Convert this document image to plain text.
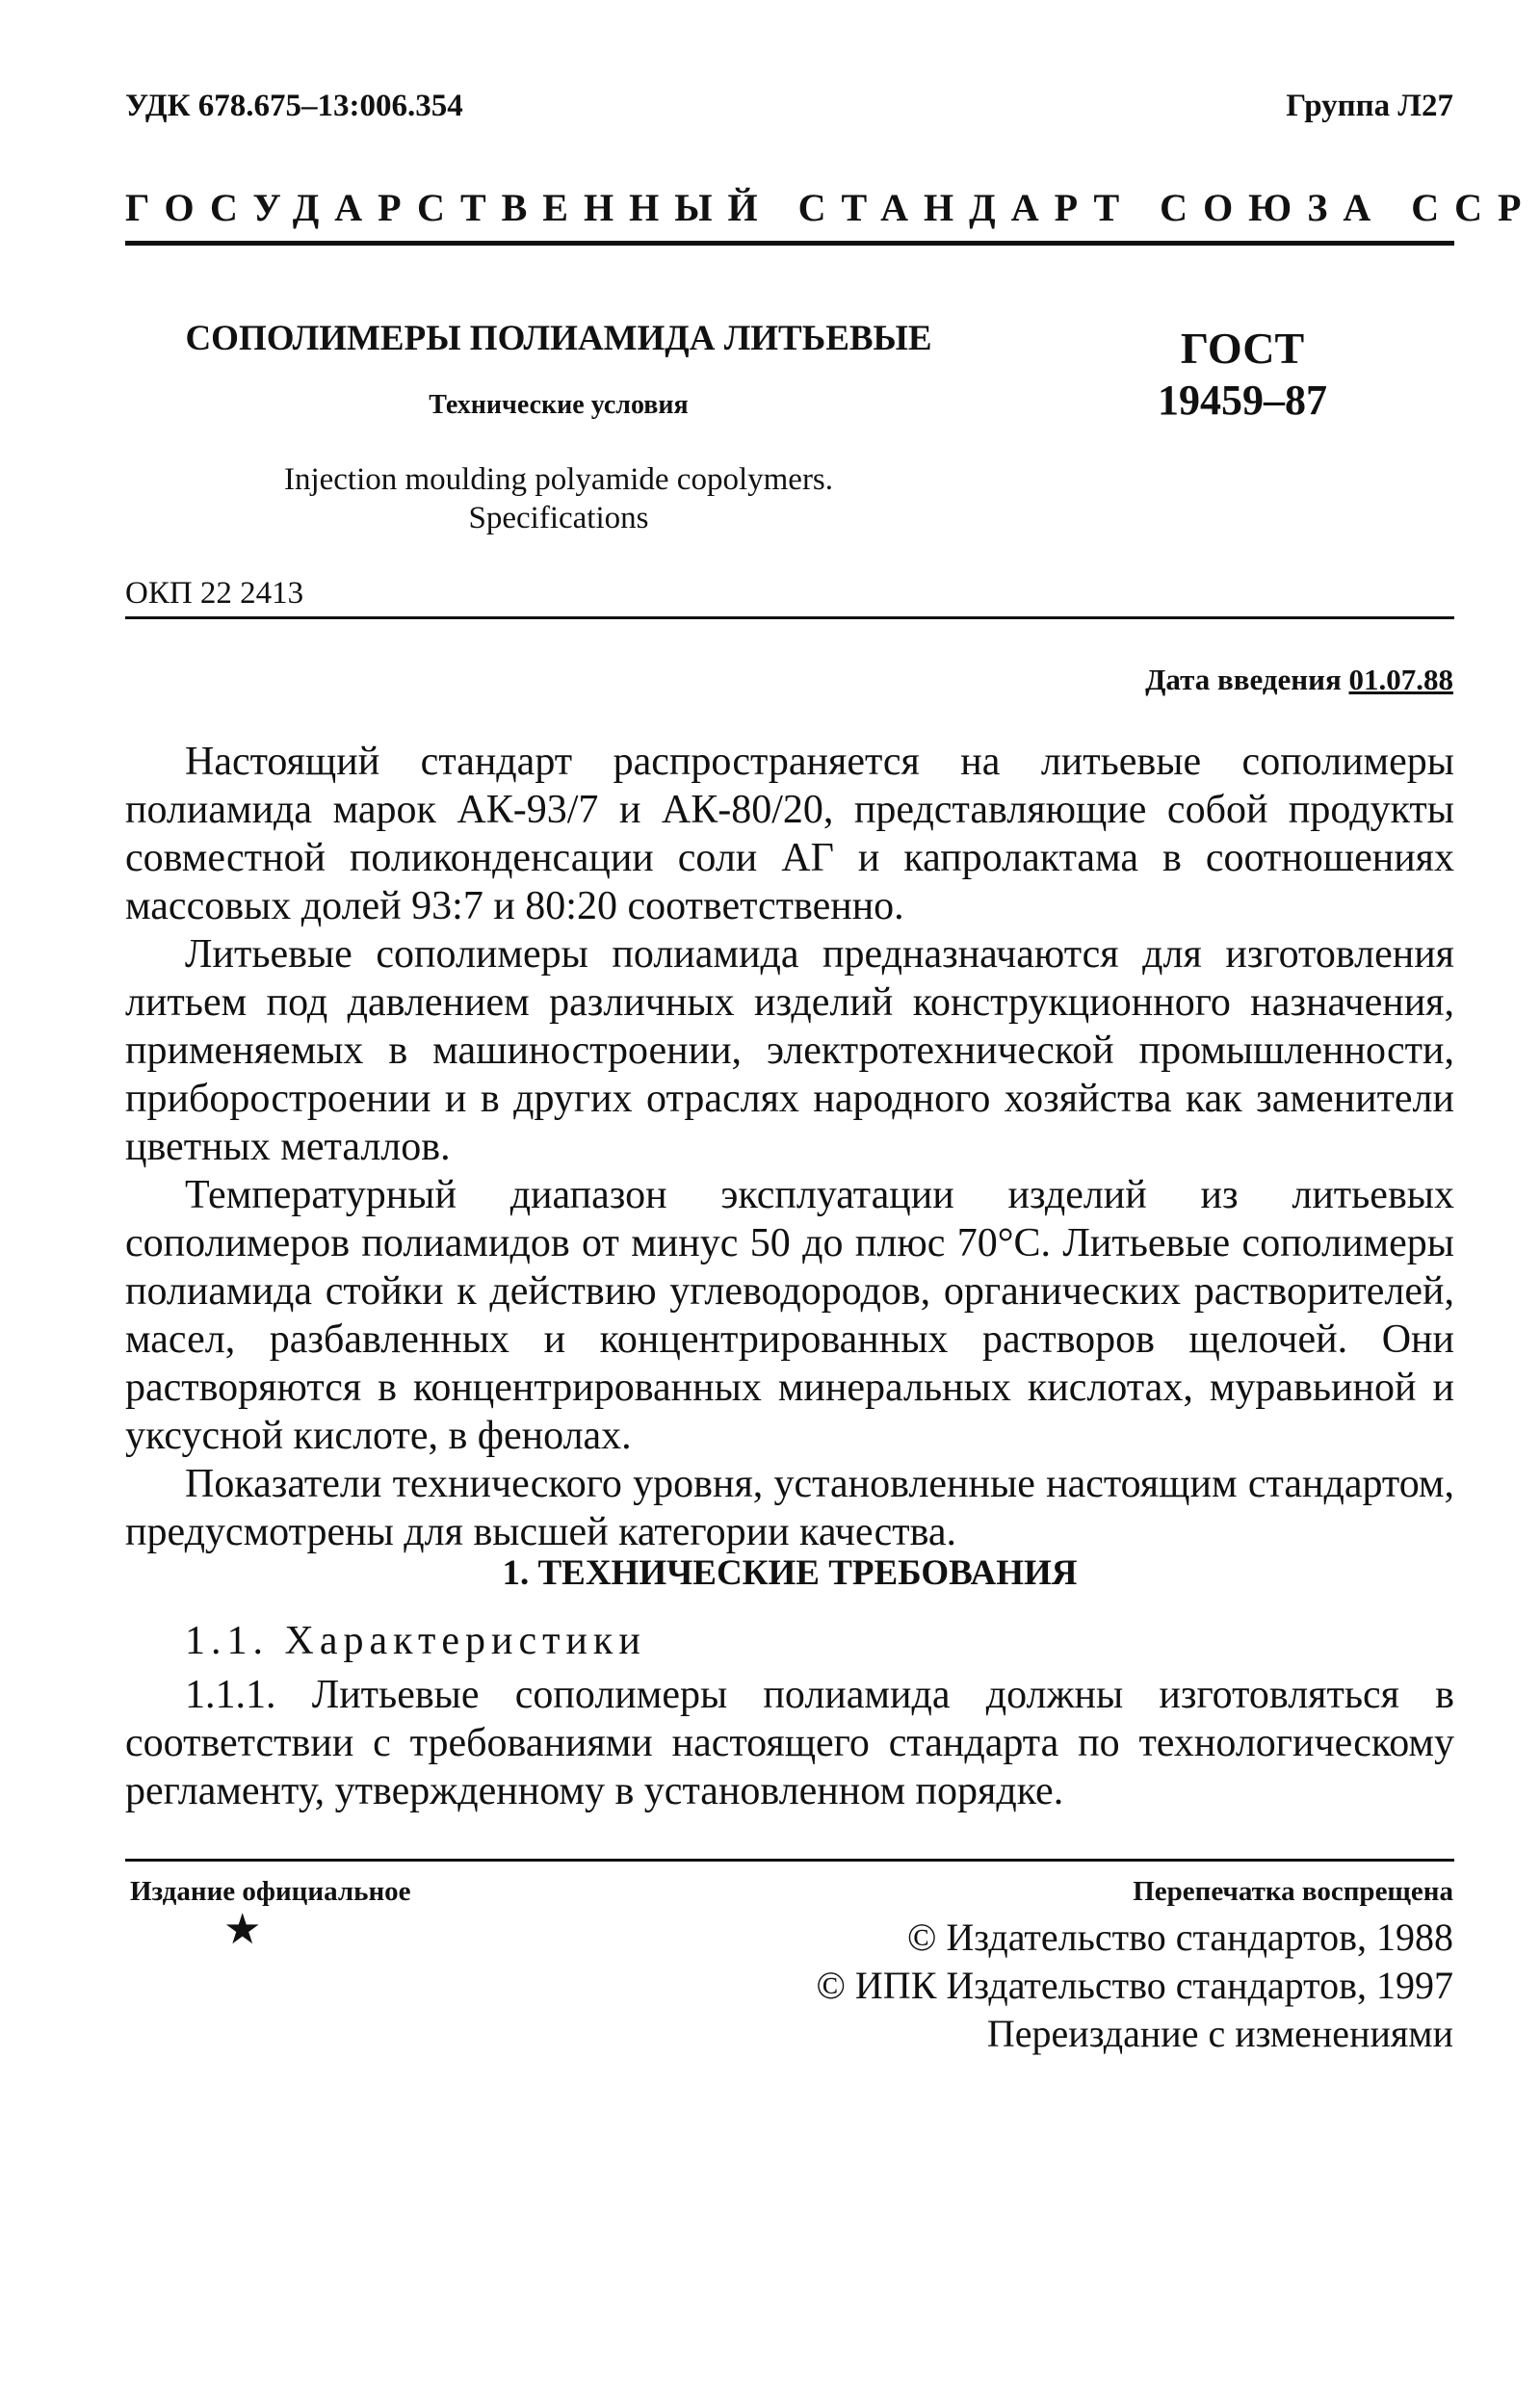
УДК 678.675–13:006.354	Группа Л27
ГОСУДАРСТВЕННЫЙ СТАНДАРТ СОЮЗА ССР
СОПОЛИМЕРЫ ПОЛИАМИДА ЛИТЬЕВЫЕ
Технические условия
Injection moulding polyamide copolymers.
Specifications
ГОСТ
19459–87
ОКП 22 2413
Дата введения 01.07.88

Настоящий стандарт распространяется на литьевые сополимеры полиамида марок АК-93/7 и АК-80/20, представляющие собой продукты совместной поликонденсации соли АГ и капролактама в соотношениях массовых долей 93:7 и 80:20 соответственно.

Литьевые сополимеры полиамида предназначаются для изготовления литьем под давлением различных изделий конструкционного назначения, применяемых в машиностроении, электротехнической промышленности, приборостроении и в других отраслях народного хозяйства как заменители цветных металлов.

Температурный диапазон эксплуатации изделий из литьевых сополимеров полиамидов от минус 50 до плюс 70°С. Литьевые сополимеры полиамида стойки к действию углеводородов, органических растворителей, масел, разбавленных и концентрированных растворов щелочей. Они растворяются в концентрированных минеральных кислотах, муравьиной и уксусной кислоте, в фенолах.

Показатели технического уровня, установленные настоящим стандартом, предусмотрены для высшей категории качества.

1. ТЕХНИЧЕСКИЕ ТРЕБОВАНИЯ
1.1. Характеристики

1.1.1. Литьевые сополимеры полиамида должны изготовляться в соответствии с требованиями настоящего стандарта по технологическому регламенту, утвержденному в установленном порядке.

Издание официальное
★
Перепечатка воспрещена
© Издательство стандартов, 1988
© ИПК Издательство стандартов, 1997
Переиздание с изменениями
